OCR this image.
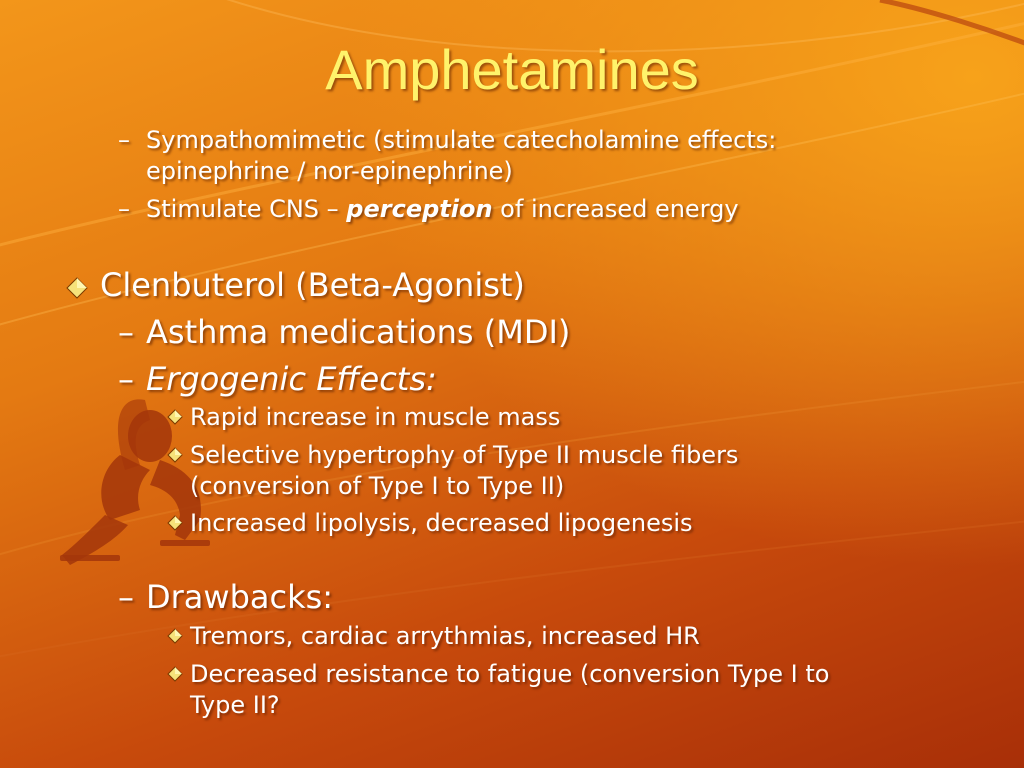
Amphetamines
– Sympathomimetic (stimulate catecholamine effects:
epinephrine / nor-epinephrine)
– Stimulate CNS – perception of increased energy
Clenbuterol (Beta-Agonist)
– Asthma medications (MDI)
– Ergogenic Effects:
Rapid increase in muscle mass
Selective hypertrophy of Type II muscle fibers
(conversion of Type I to Type II)
Increased lipolysis, decreased lipogenesis
– Drawbacks:
Tremors, cardiac arrythmias, increased HR
Decreased resistance to fatigue (conversion Type I to
Type II?
